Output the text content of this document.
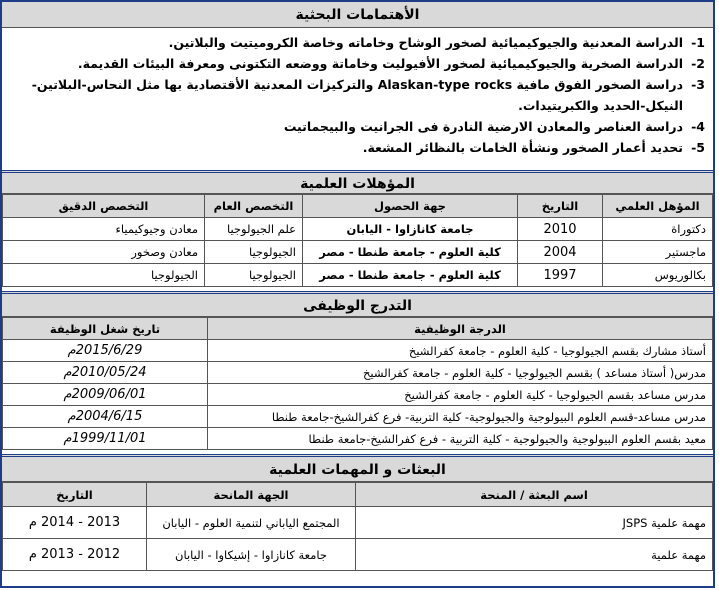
الأهتمامات البحثية
1-
الدراسة المعدنية والجيوكيميائية لصخور الوشاح وخاماته وخاصة الكروميتيت والبلاتين.
2-
الدراسة الصخرية والجيوكيميائية لصخور الأفيوليت وخاماتة ووضعه التكتونى ومعرفة البيئات القديمة.
3-
دراسة الصخور الفوق مافية Alaskan-type rocks والتركيزات المعدنية الأقتصادية بها مثل النحاس-البلاتين-النيكل-الحديد والكبريتيدات.
4-
دراسة العناصر والمعادن الارضية النادرة فى الجرانيت والبيجماتيت
5-
تحديد أعمار الصخور ونشأة الخامات بالنظائر المشعة.
المؤهلات العلمية
المؤهل العلمي	التاريخ	جهة الحصول	التخصص العام	التخصص الدقيق
دكتوراة	2010	جامعة كانازاوا - اليابان	علم الجيولوجيا	معادن وجيوكيمياء
ماجستير	2004	كلية العلوم - جامعة طنطا - مصر	الجيولوجيا	معادن وصخور
بكالوريوس	1997	كلية العلوم - جامعة طنطا - مصر	الجيولوجيا	الجيولوجيا
التدرج الوظيفى
الدرجة الوظيفية	تاريخ شغل الوظيفة
أستاذ مشارك بقسم الجيولوجيا - كلية العلوم - جامعة كفرالشيخ	2015/6/29م
مدرس( أستاذ مساعد ) بقسم الجيولوجيا - كلية العلوم - جامعة كفرالشيخ	2010/05/24م
مدرس مساعد بقسم الجيولوجيا - كلية العلوم - جامعة كفرالشيخ	2009/06/01م
مدرس مساعد-قسم العلوم البيولوجية والجيولوجية- كلية التربية- فرع كفرالشيخ-جامعة طنطا	2004/6/15م
معيد بقسم العلوم البيولوجية والجيولوجية - كلية التربية - فرع كفرالشيخ-جامعة طنطا	1999/11/01م
البعثات و المهمات العلمية
اسم البعثة / المنحة	الجهة المانحة	التاريخ
مهمة علمية JSPS	المجتمع الياباني لتنمية العلوم - اليابان	2013 - 2014 م
مهمة علمية	جامعة كانازاوا - إشيكاوا - اليابان	2012 - 2013 م
